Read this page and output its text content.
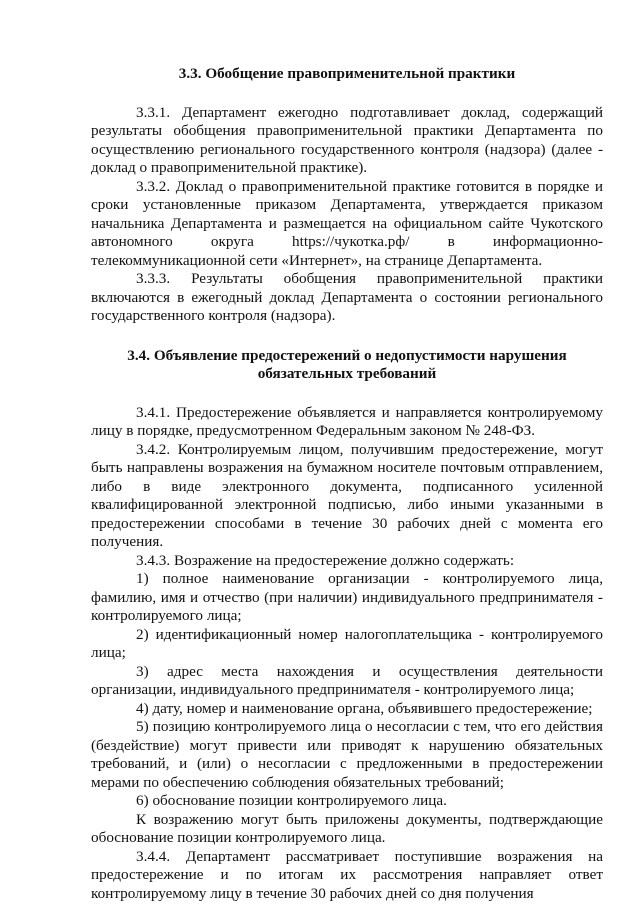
3.3. Обобщение правоприменительной практики

3.3.1. Департамент ежегодно подготавливает доклад, содержащий результаты обобщения правоприменительной практики Департамента по осуществлению регионального государственного контроля (надзора) (далее - доклад о правоприменительной практике).

3.3.2. Доклад о правоприменительной практике готовится в порядке и сроки установленные приказом Департамента, утверждается приказом начальника Департамента и размещается на официальном сайте Чукотского автономного округа https://чукотка.рф/ в информационно-телекоммуникационной сети «Интернет», на странице Департамента.

3.3.3. Результаты обобщения правоприменительной практики включаются в ежегодный доклад Департамента о состоянии регионального государственного контроля (надзора).

3.4. Объявление предостережений о недопустимости нарушения
обязательных требований

3.4.1. Предостережение объявляется и направляется контролируемому лицу в порядке, предусмотренном Федеральным законом № 248-ФЗ.

3.4.2. Контролируемым лицом, получившим предостережение, могут быть направлены возражения на бумажном носителе почтовым отправлением, либо в виде электронного документа, подписанного усиленной квалифицированной электронной подписью, либо иными указанными в предостережении способами в течение 30 рабочих дней с момента его получения.

3.4.3. Возражение на предостережение должно содержать:

1) полное наименование организации - контролируемого лица, фамилию, имя и отчество (при наличии) индивидуального предпринимателя - контролируемого лица;

2) идентификационный номер налогоплательщика - контролируемого лица;

3) адрес места нахождения и осуществления деятельности организации, индивидуального предпринимателя - контролируемого лица;

4) дату, номер и наименование органа, объявившего предостережение;

5) позицию контролируемого лица о несогласии с тем, что его действия (бездействие) могут привести или приводят к нарушению обязательных требований, и (или) о несогласии с предложенными в предостережении мерами по обеспечению соблюдения обязательных требований;

6) обоснование позиции контролируемого лица.

К возражению могут быть приложены документы, подтверждающие обоснование позиции контролируемого лица.

3.4.4. Департамент рассматривает поступившие возражения на предостережение и по итогам их рассмотрения направляет ответ контролируемому лицу в течение 30 рабочих дней со дня получения
